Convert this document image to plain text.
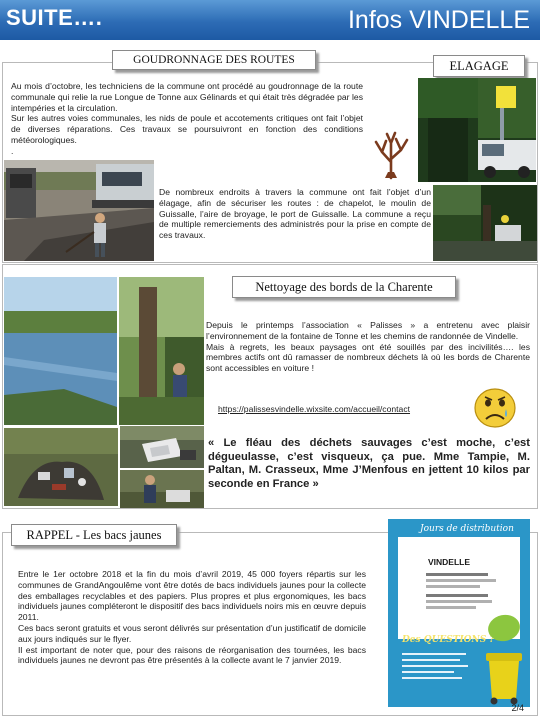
SUITE….	Infos VINDELLE
GOUDRONNAGE DES ROUTES	ELAGAGE

Au mois d’octobre, les techniciens de la commune ont procédé au goudronnage de la route communale qui relie la rue Longue de Tonne aux Gélinards et qui était très dégradée par les intempéries et la circulation.

Sur les autres voies communales, les nids de poule et accotements critiques ont fait l’objet de diverses réparations. Ces travaux se poursuivront en fonction des conditions météorologiques.

.

De nombreux endroits à travers la commune ont fait l’objet d’un élagage, afin de sécuriser les routes : de chapelot, le moulin de Guissalle, l’aire de broyage, le port de Guissalle. La commune a reçu de multiple remerciements des administrés pour la prise en compte de ces travaux.
Nettoyage des bords de la Charente

Depuis le printemps l’association « Palisses » a entretenu avec plaisir l’environnement de la fontaine de Tonne et les chemins de randonnée de Vindelle.

Mais à regrets, les beaux paysages ont été souillés par des incivilités…. les membres actifs ont dû ramasser de nombreux déchets là où les bords de Charente sont accessibles en voiture !

https://palissesvindelle.wixsite.com/accueil/contact
« Le fléau des déchets sauvages c’est moche, c’est dégueulasse, c’est visqueux, ça pue. Mme Tampie, M. Paltan, M. Crasseux, Mme J’Menfous en jettent 10 kilos par seconde en France »
RAPPEL - Les bacs jaunes

Entre le 1er octobre 2018 et la fin du mois d’avril 2019, 45 000 foyers répartis sur les communes de GrandAngoulême vont être dotés de bacs individuels jaunes pour la collecte des emballages recyclables et des papiers. Plus propres et plus ergonomiques, les bacs individuels jaunes compléteront le dispositif des bacs individuels noirs mis en œuvre depuis 2011.

Ces bacs seront gratuits et vous seront délivrés sur présentation d’un justificatif de domicile aux jours indiqués sur le flyer.

Il est important de noter que, pour des raisons de réorganisation des tournées, les bacs individuels jaunes ne devront pas être présentés à la collecte avant le 7 janvier 2019.

Jours de distribution
VINDELLE
Des QUESTIONS ?
2/4
